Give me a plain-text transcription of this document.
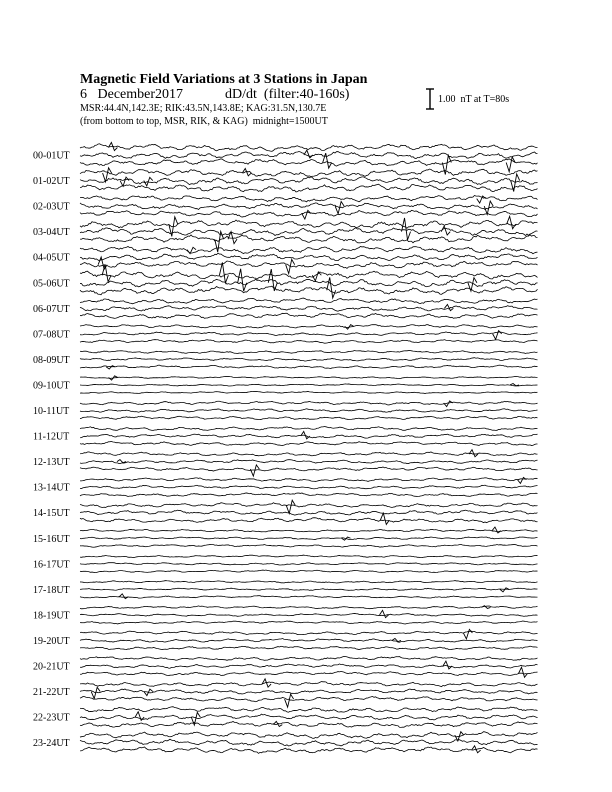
Magnetic Field Variations at 3 Stations in Japan
6   December2017            dD/dt  (filter:40-160s)
MSR:44.4N,142.3E; RIK:43.5N,143.8E; KAG:31.5N,130.7E
(from bottom to top, MSR, RIK, & KAG)  midnight=1500UT
1.00  nT at T=80s
00-01UT
01-02UT
02-03UT
03-04UT
04-05UT
05-06UT
06-07UT
07-08UT
08-09UT
09-10UT
10-11UT
11-12UT
12-13UT
13-14UT
14-15UT
15-16UT
16-17UT
17-18UT
18-19UT
19-20UT
20-21UT
21-22UT
22-23UT
23-24UT
